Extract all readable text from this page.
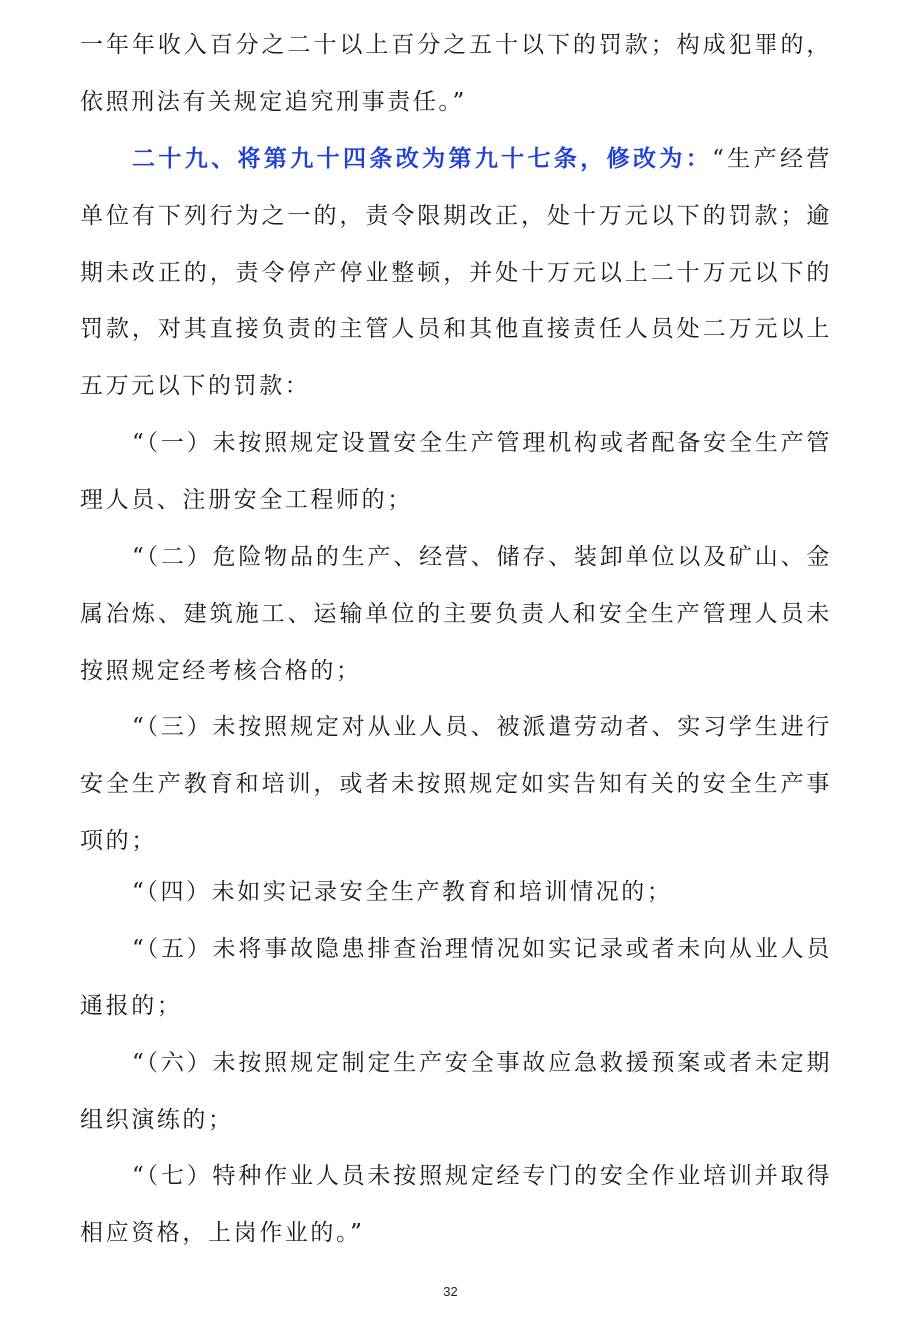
一年年收入百分之二十以上百分之五十以下的罚款；构成犯罪的，依照刑法有关规定追究刑事责任。”

二十九、将第九十四条改为第九十七条，修改为：“生产经营单位有下列行为之一的，责令限期改正，处十万元以下的罚款；逾期未改正的，责令停产停业整顿，并处十万元以上二十万元以下的罚款，对其直接负责的主管人员和其他直接责任人员处二万元以上五万元以下的罚款：

“（一）未按照规定设置安全生产管理机构或者配备安全生产管理人员、注册安全工程师的；

“（二）危险物品的生产、经营、储存、装卸单位以及矿山、金属冶炼、建筑施工、运输单位的主要负责人和安全生产管理人员未按照规定经考核合格的；

“（三）未按照规定对从业人员、被派遣劳动者、实习学生进行安全生产教育和培训，或者未按照规定如实告知有关的安全生产事项的；

“（四）未如实记录安全生产教育和培训情况的；

“（五）未将事故隐患排查治理情况如实记录或者未向从业人员通报的；

“（六）未按照规定制定生产安全事故应急救援预案或者未定期组织演练的；

“（七）特种作业人员未按照规定经专门的安全作业培训并取得相应资格，上岗作业的。”

32
